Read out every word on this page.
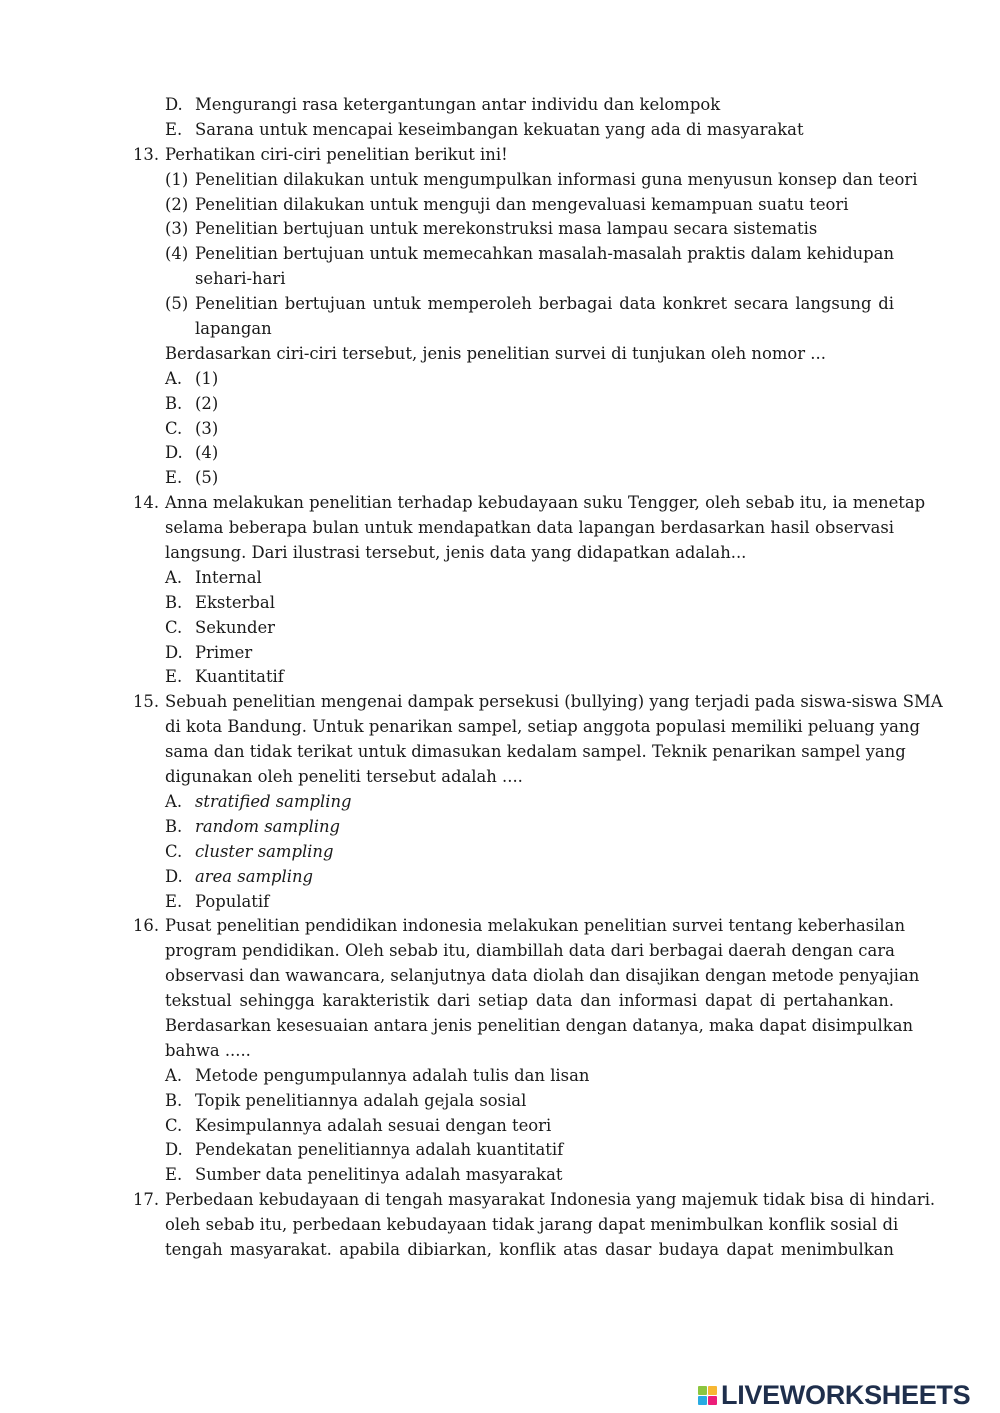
D. Mengurangi rasa ketergantungan antar individu dan kelompok
E. Sarana untuk mencapai keseimbangan kekuatan yang ada di masyarakat
13. Perhatikan ciri-ciri penelitian berikut ini!
(1) Penelitian dilakukan untuk mengumpulkan informasi guna menyusun konsep dan teori
(2) Penelitian dilakukan untuk menguji dan mengevaluasi kemampuan suatu teori
(3) Penelitian bertujuan untuk merekonstruksi masa lampau secara sistematis
(4) Penelitian bertujuan untuk memecahkan masalah-masalah praktis dalam kehidupan
sehari-hari
(5) Penelitian bertujuan untuk memperoleh berbagai data konkret secara langsung di
lapangan
Berdasarkan ciri-ciri tersebut, jenis penelitian survei di tunjukan oleh nomor ...
A. (1)
B. (2)
C. (3)
D. (4)
E. (5)
14. Anna melakukan penelitian terhadap kebudayaan suku Tengger, oleh sebab itu, ia menetap
selama beberapa bulan untuk mendapatkan data lapangan berdasarkan hasil observasi
langsung. Dari ilustrasi tersebut, jenis data yang didapatkan adalah...
A. Internal
B. Eksterbal
C. Sekunder
D. Primer
E. Kuantitatif
15. Sebuah penelitian mengenai dampak persekusi (bullying) yang terjadi pada siswa-siswa SMA
di kota Bandung. Untuk penarikan sampel, setiap anggota populasi memiliki peluang yang
sama dan tidak terikat untuk dimasukan kedalam sampel. Teknik penarikan sampel yang
digunakan oleh peneliti tersebut adalah ....
A. stratified sampling
B. random sampling
C. cluster sampling
D. area sampling
E. Populatif
16. Pusat penelitian pendidikan indonesia melakukan penelitian survei tentang keberhasilan
program pendidikan. Oleh sebab itu, diambillah data dari berbagai daerah dengan cara
observasi dan wawancara, selanjutnya data diolah dan disajikan dengan metode penyajian
tekstual sehingga karakteristik dari setiap data dan informasi dapat di pertahankan.
Berdasarkan kesesuaian antara jenis penelitian dengan datanya, maka dapat disimpulkan
bahwa .....
A. Metode pengumpulannya adalah tulis dan lisan
B. Topik penelitiannya adalah gejala sosial
C. Kesimpulannya adalah sesuai dengan teori
D. Pendekatan penelitiannya adalah kuantitatif
E. Sumber data penelitinya adalah masyarakat
17. Perbedaan kebudayaan di tengah masyarakat Indonesia yang majemuk tidak bisa di hindari.
oleh sebab itu, perbedaan kebudayaan tidak jarang dapat menimbulkan konflik sosial di
tengah masyarakat. apabila dibiarkan, konflik atas dasar budaya dapat menimbulkan
LIVEWORKSHEETS
